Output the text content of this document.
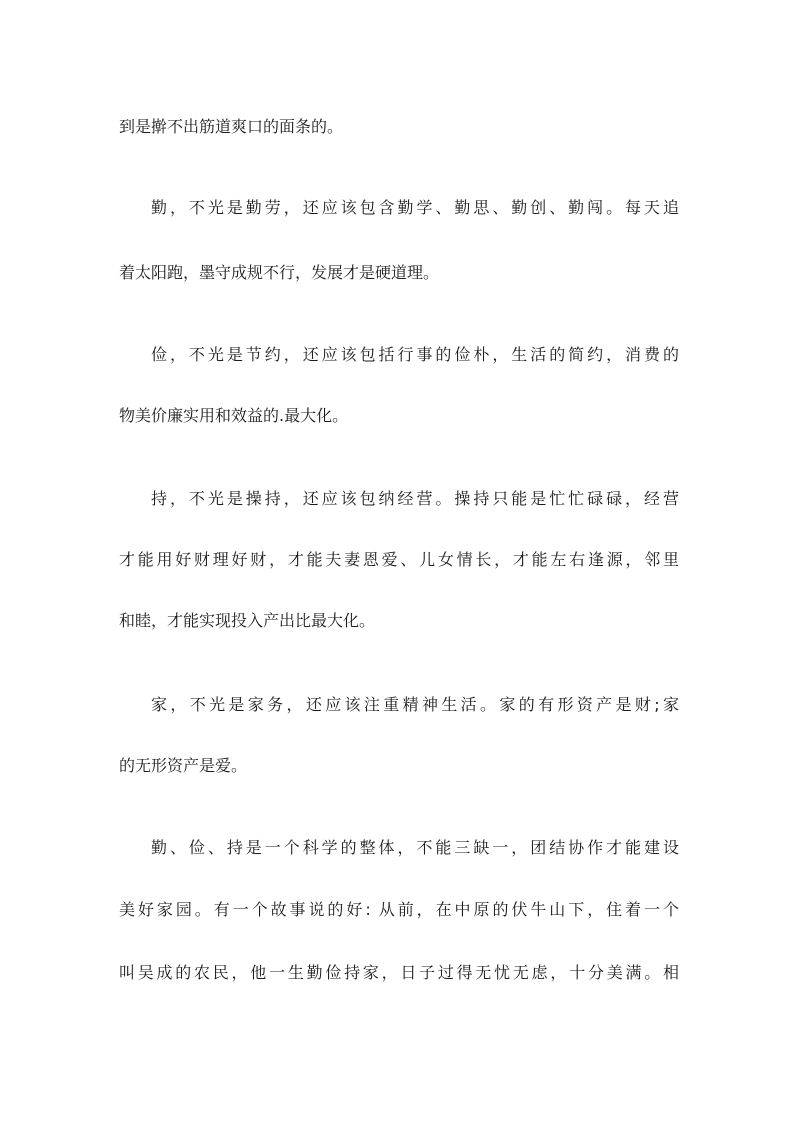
到是擀不出筋道爽口的面条的。
勤，不光是勤劳，还应该包含勤学、勤思、勤创、勤闯。每天追
着太阳跑，墨守成规不行，发展才是硬道理。
俭，不光是节约，还应该包括行事的俭朴，生活的简约，消费的
物美价廉实用和效益的.最大化。
持，不光是操持，还应该包纳经营。操持只能是忙忙碌碌，经营
才能用好财理好财，才能夫妻恩爱、儿女情长，才能左右逢源，邻里
和睦，才能实现投入产出比最大化。
家，不光是家务，还应该注重精神生活。家的有形资产是财;家
的无形资产是爱。
勤、俭、持是一个科学的整体，不能三缺一，团结协作才能建设
美好家园。有一个故事说的好: 从前，在中原的伏牛山下，住着一个
叫吴成的农民，他一生勤俭持家，日子过得无忧无虑，十分美满。相
